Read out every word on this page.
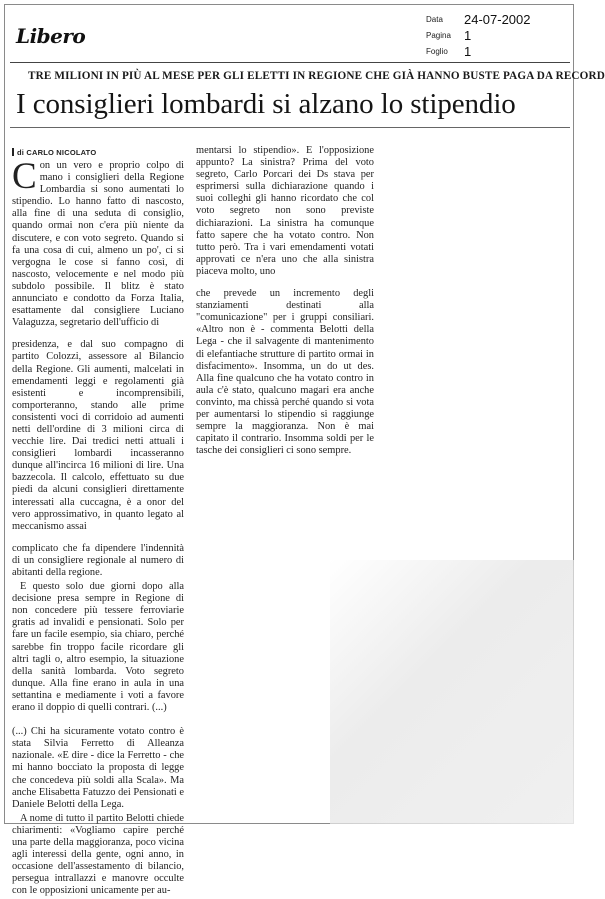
Libero
Data 24-07-2002
Pagina 1
Foglio 1
TRE MILIONI IN PIÙ AL MESE PER GLI ELETTI IN REGIONE CHE GIÀ HANNO BUSTE PAGA DA RECORD
I consiglieri lombardi si alzano lo stipendio
di CARLO NICOLATO

Con un vero e proprio colpo di mano i consiglieri della Regione Lombardia si sono aumentati lo stipendio. Lo hanno fatto di nascosto, alla fine di una seduta di consiglio, quando ormai non c'era più niente da discutere, e con voto segreto. Quando si fa una cosa di cui, almeno un po', ci si vergogna le cose si fanno così, di nascosto, velocemente e nel modo più subdolo possibile. Il blitz è stato annunciato e condotto da Forza Italia, esattamente dal consigliere Luciano Valaguzza, segretario dell'ufficio di

presidenza, e dal suo compagno di partito Colozzi, assessore al Bilancio della Regione. Gli aumenti, malcelati in emendamenti leggi e regolamenti già esistenti e incomprensibili, comporteranno, stando alle prime consistenti voci di corridoio ad aumenti netti dell'ordine di 3 milioni circa di vecchie lire. Dai tredici netti attuali i consiglieri lombardi incasseranno dunque all'incirca 16 milioni di lire. Una bazzecola. Il calcolo, effettuato su due piedi da alcuni consiglieri direttamente interessati alla cuccagna, è a onor del vero approssimativo, in quanto legato al meccanismo assai

complicato che fa dipendere l'indennità di un consigliere regionale al numero di abitanti della regione.

E questo solo due giorni dopo alla decisione presa sempre in Regione di non concedere più tessere ferroviarie gratis ad invalidi e pensionati. Solo per fare un facile esempio, sia chiaro, perché sarebbe fin troppo facile ricordare gli altri tagli o, altro esempio, la situazione della sanità lombarda. Voto segreto dunque. Alla fine erano in aula in una settantina e mediamente i voti a favore erano il doppio di quelli contrari. (...)

(...) Chi ha sicuramente votato contro è stata Silvia Ferretto di Alleanza nazionale. «E dire - dice la Ferretto - che mi hanno bocciato la proposta di legge che concedeva più soldi alla Scala». Ma anche Elisabetta Fatuzzo dei Pensionati e Daniele Belotti della Lega.

A nome di tutto il partito Belotti chiede chiarimenti: «Vogliamo capire perché una parte della maggioranza, poco vicina agli interessi della gente, ogni anno, in occasione dell'assestamento di bilancio, persegua intrallazzi e manovre occulte con le opposizioni unicamente per au-

mentarsi lo stipendio». E l'opposizione appunto? La sinistra? Prima del voto segreto, Carlo Porcari dei Ds stava per esprimersi sulla dichiarazione quando i suoi colleghi gli hanno ricordato che col voto segreto non sono previste dichiarazioni. La sinistra ha comunque fatto sapere che ha votato contro. Non tutto però. Tra i vari emendamenti votati approvati ce n'era uno che alla sinistra piaceva molto, uno

che prevede un incremento degli stanziamenti destinati alla "comunicazione" per i gruppi consiliari. «Altro non è - commenta Belotti della Lega - che il salvagente di mantenimento di elefantiache strutture di partito ormai in disfacimento». Insomma, un do ut des. Alla fine qualcuno che ha votato contro in aula c'è stato, qualcuno magari era anche convinto, ma chissà perché quando si vota per aumentarsi lo stipendio si raggiunge sempre la maggioranza. Non è mai capitato il contrario. Insomma soldi per le tasche dei consiglieri ci sono sempre.
